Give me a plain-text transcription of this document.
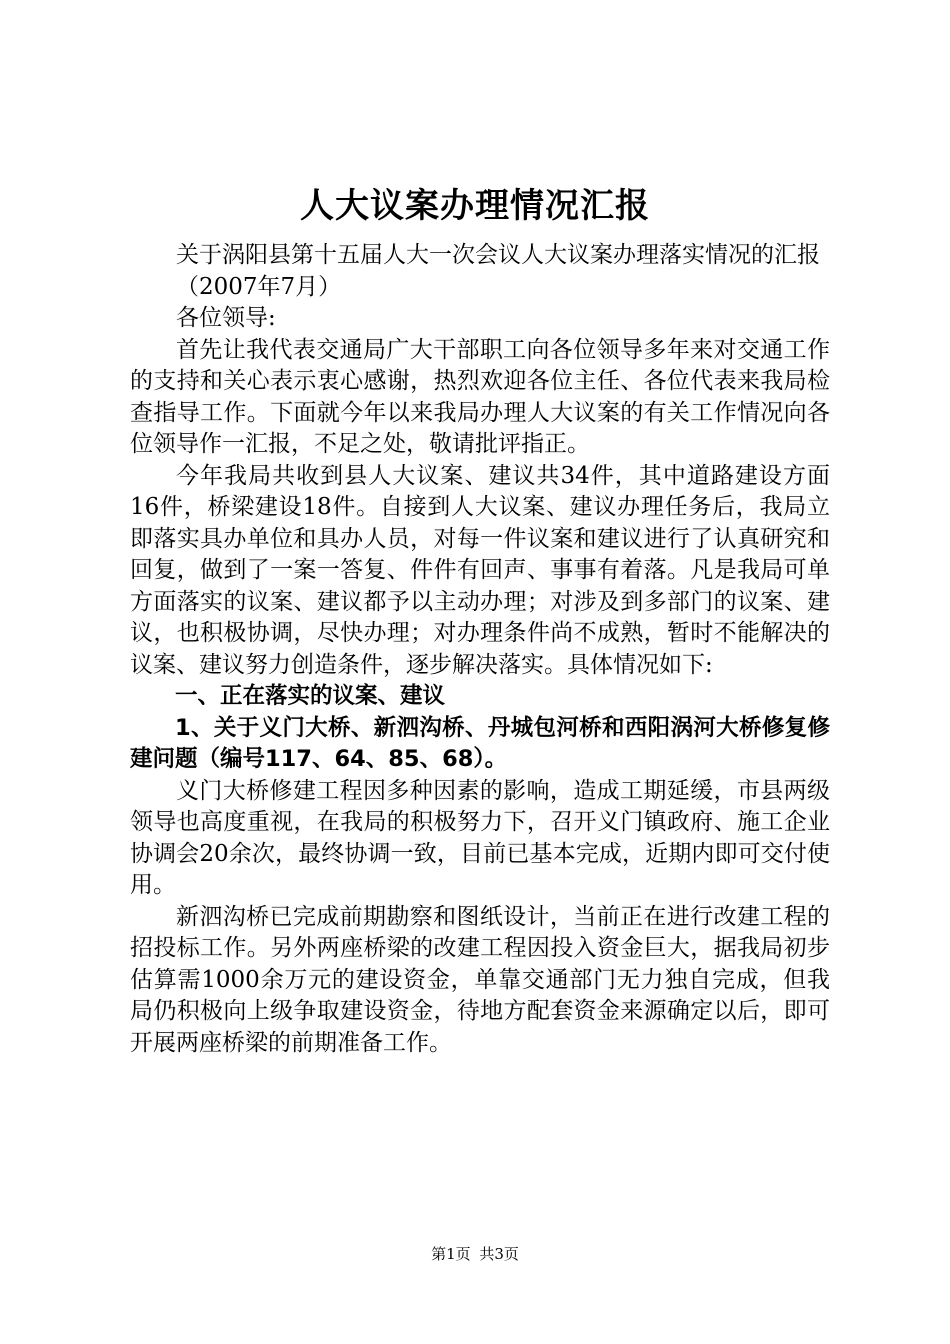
人大议案办理情况汇报

关于涡阳县第十五届人大一次会议人大议案办理落实情况的汇报

（2007年7月）

各位领导:

首先让我代表交通局广大干部职工向各位领导多年来对交通工作的支持和关心表示衷心感谢，热烈欢迎各位主任、各位代表来我局检查指导工作。下面就今年以来我局办理人大议案的有关工作情况向各位领导作一汇报，不足之处，敬请批评指正。

今年我局共收到县人大议案、建议共34件，其中道路建设方面16件，桥梁建设18件。自接到人大议案、建议办理任务后，我局立即落实具办单位和具办人员，对每一件议案和建议进行了认真研究和回复，做到了一案一答复、件件有回声、事事有着落。凡是我局可单方面落实的议案、建议都予以主动办理；对涉及到多部门的议案、建议，也积极协调，尽快办理；对办理条件尚不成熟，暂时不能解决的议案、建议努力创造条件，逐步解决落实。具体情况如下:

一、正在落实的议案、建议

1、关于义门大桥、新泗沟桥、丹城包河桥和西阳涡河大桥修复修建问题（编号117、64、85、68）。

义门大桥修建工程因多种因素的影响，造成工期延缓，市县两级领导也高度重视，在我局的积极努力下，召开义门镇政府、施工企业协调会20余次，最终协调一致，目前已基本完成，近期内即可交付使用。

新泗沟桥已完成前期勘察和图纸设计，当前正在进行改建工程的招投标工作。另外两座桥梁的改建工程因投入资金巨大，据我局初步估算需1000余万元的建设资金，单靠交通部门无力独自完成，但我局仍积极向上级争取建设资金，待地方配套资金来源确定以后，即可开展两座桥梁的前期准备工作。

第1页 共3页
